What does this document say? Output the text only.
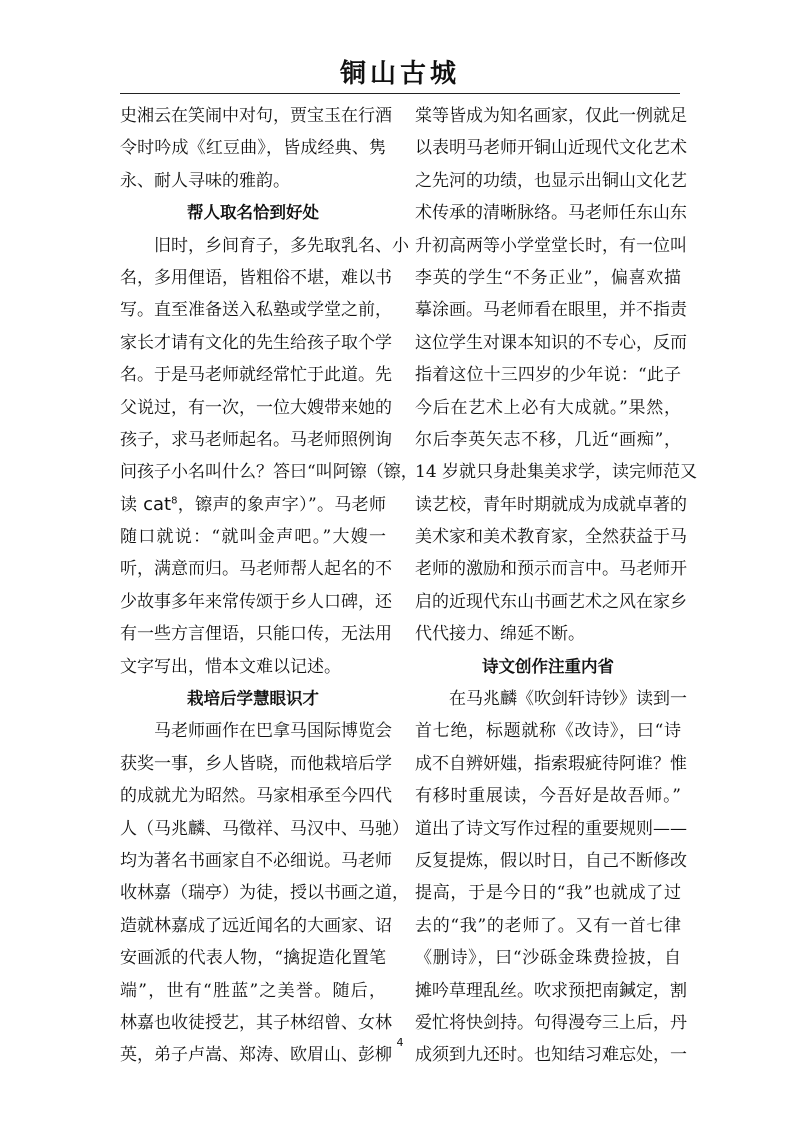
铜山古城
史湘云在笑闹中对句，贾宝玉在行酒
令时吟成《红豆曲》，皆成经典、隽
永、耐人寻味的雅韵。
帮人取名恰到好处
旧时，乡间育子，多先取乳名、小
名，多用俚语，皆粗俗不堪，难以书
写。直至准备送入私塾或学堂之前，
家长才请有文化的先生给孩子取个学
名。于是马老师就经常忙于此道。先
父说过，有一次，一位大嫂带来她的
孩子，求马老师起名。马老师照例询
问孩子小名叫什么？答曰“叫阿镲（镲，
读 cat$^8$，镲声的象声字）”。马老师
随口就说：“就叫金声吧。”大嫂一
听，满意而归。马老师帮人起名的不
少故事多年来常传颂于乡人口碑，还
有一些方言俚语，只能口传，无法用
文字写出，惜本文难以记述。
栽培后学慧眼识才
马老师画作在巴拿马国际博览会
获奖一事，乡人皆晓，而他栽培后学
的成就尤为昭然。马家相承至今四代
人（马兆麟、马徵祥、马汉中、马驰）
均为著名书画家自不必细说。马老师
收林嘉（瑞亭）为徒，授以书画之道，
造就林嘉成了远近闻名的大画家、诏
安画派的代表人物，“擒捉造化置笔
端”，世有“胜蓝”之美誉。随后，
林嘉也收徒授艺，其子林绍曾、女林
英，弟子卢嵩、郑涛、欧眉山、彭柳
棠等皆成为知名画家，仅此一例就足
以表明马老师开铜山近现代文化艺术
之先河的功绩，也显示出铜山文化艺
术传承的清晰脉络。马老师任东山东
升初高两等小学堂堂长时，有一位叫
李英的学生“不务正业”，偏喜欢描
摹涂画。马老师看在眼里，并不指责
这位学生对课本知识的不专心，反而
指着这位十三四岁的少年说：“此子
今后在艺术上必有大成就。”果然，
尔后李英矢志不移，几近“画痴”，
14 岁就只身赴集美求学，读完师范又
读艺校，青年时期就成为成就卓著的
美术家和美术教育家，全然获益于马
老师的激励和预示而言中。马老师开
启的近现代东山书画艺术之风在家乡
代代接力、绵延不断。
诗文创作注重内省
在马兆麟《吹剑轩诗钞》读到一
首七绝，标题就称《改诗》，曰“诗
成不自辨妍媸，指索瑕疵待阿谁？惟
有移时重展读，今吾好是故吾师。”
道出了诗文写作过程的重要规则——
反复提炼，假以时日，自己不断修改
提高，于是今日的“我”也就成了过
去的“我”的老师了。又有一首七律
《删诗》，曰“沙砾金珠费捡披，自
摊吟草理乱丝。吹求预把南鍼定，割
爱忙将快剑持。句得漫夸三上后，丹
成须到九还时。也知结习难忘处，一
4
